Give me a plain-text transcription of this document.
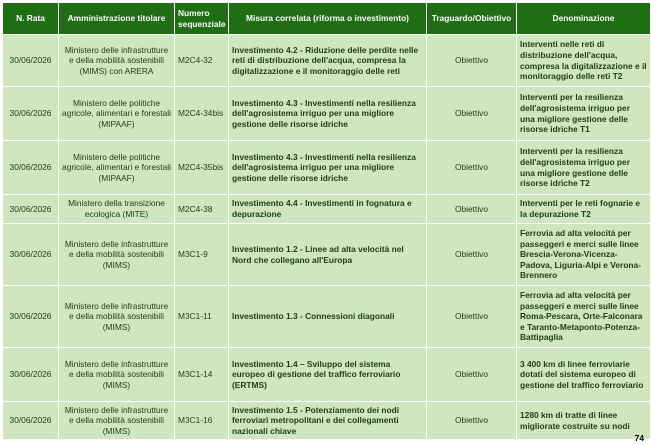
N. Rata	Amministrazione titolare	Numero sequenziale	Misura correlata (riforma o investimento)	Traguardo/Obiettivo	Denominazione
30/06/2026	Ministero delle infrastrutture e della mobilità sostenibili (MIMS) con ARERA	M2C4-32	Investimento 4.2 - Riduzione delle perdite nelle reti di distribuzione dell'acqua, compresa la digitalizzazione e il monitoraggio delle reti	Obiettivo	Interventi nelle reti di distribuzione dell'acqua, compresa la digitalizzazione e il monitoraggio delle reti T2
30/06/2026	Ministero delle politiche agricole, alimentari e forestali (MIPAAF)	M2C4-34bis	Investimento 4.3 - Investimenti nella resilienza dell'agrosistema irriguo per una migliore gestione delle risorse idriche	Obiettivo	Interventi per la resilienza dell'agrosistema irriguo per una migliore gestione delle risorse idriche T1
30/06/2026	Ministero delle politiche agricole, alimentari e forestali (MIPAAF)	M2C4-35bis	Investimento 4.3 - Investimenti nella resilienza dell'agrosistema irriguo per una migliore gestione delle risorse idriche	Obiettivo	Interventi per la resilienza dell'agrosistema irriguo per una migliore gestione delle risorse idriche T2
30/06/2026	Ministero della transizione ecologica (MITE)	M2C4-38	Investimento 4.4 - Investimenti in fognatura e depurazione	Obiettivo	Interventi per le reti fognarie e la depurazione T2
30/06/2026	Ministero delle infrastrutture e della mobilità sostenibili (MIMS)	M3C1-9	Investimento 1.2 - Linee ad alta velocità nel Nord che collegano all'Europa	Obiettivo	Ferrovia ad alta velocità per passeggeri e merci sulle linee Brescia-Verona-Vicenza-Padova, Liguria-Alpi e Verona-Brennero
30/06/2026	Ministero delle infrastrutture e della mobilità sostenibili (MIMS)	M3C1-11	Investimento 1.3 - Connessioni diagonali	Obiettivo	Ferrovia ad alta velocità per passeggeri e merci sulle linee Roma-Pescara, Orte-Falconara e Taranto-Metaponto-Potenza-Battipaglia
30/06/2026	Ministero delle infrastrutture e della mobilità sostenibili (MIMS)	M3C1-14	Investimento 1.4 – Sviluppo del sistema europeo di gestione del traffico ferroviario (ERTMS)	Obiettivo	3 400 km di linee ferroviarie dotati del sistema europeo di gestione del traffico ferroviario
30/06/2026	Ministero delle infrastrutture e della mobilità sostenibili (MIMS)	M3C1-16	Investimento 1.5 - Potenziamento dei nodi ferroviari metropolitani e dei collegamenti nazionali chiave	Obiettivo	1280 km di tratte di linee migliorate costruite su nodi
74
